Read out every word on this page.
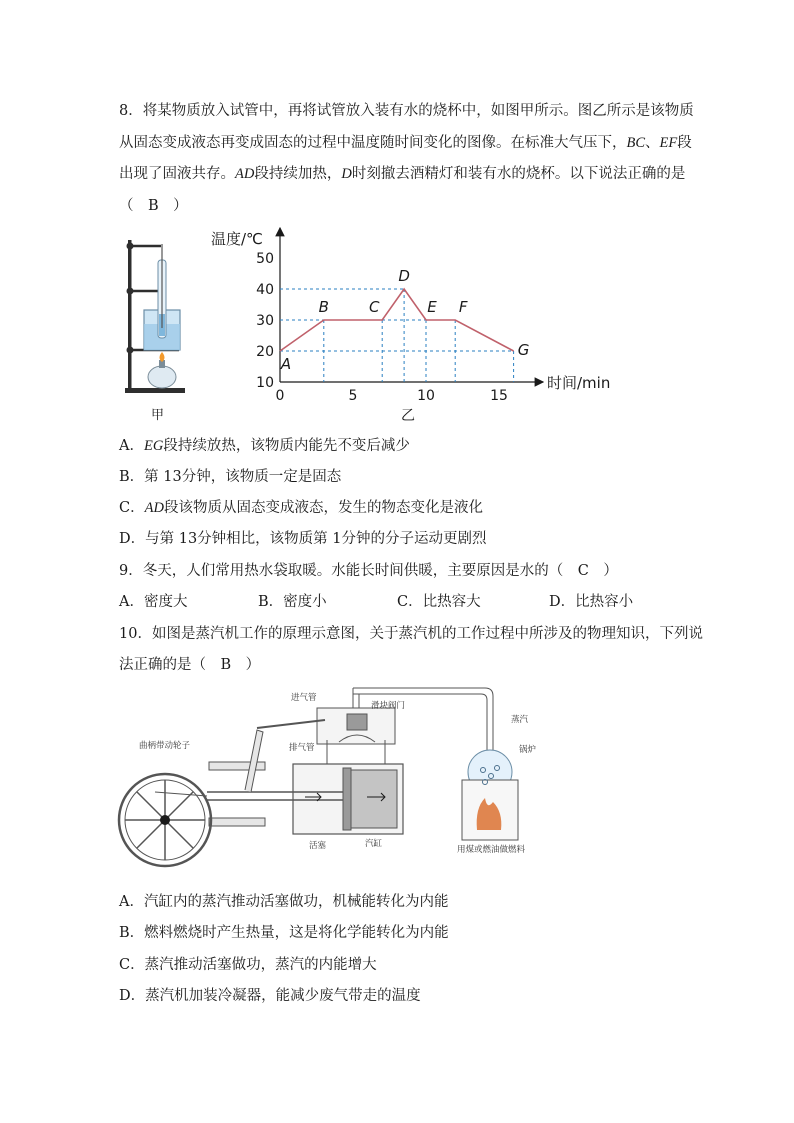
8．将某物质放入试管中，再将试管放入装有水的烧杯中，如图甲所示。图乙所示是该物质
从固态变成液态再变成固态的过程中温度随时间变化的图像。在标准大气压下，BC、EF段
出现了固液共存。AD段持续加热，D时刻撤去酒精灯和装有水的烧杯。以下说法正确的是
（　B　）
甲
温度/℃
时间/min
乙
10
20
30
40
50
0	5	10	15
A
B	C
D
E F
G
A．EG段持续放热，该物质内能先不变后减少
B．第 13分钟，该物质一定是固态
C．AD段该物质从固态变成液态，发生的物态变化是液化
D．与第 13分钟相比，该物质第 1分钟的分子运动更剧烈
9．冬天，人们常用热水袋取暖。水能长时间供暖，主要原因是水的（　C　）
A．密度大	B．密度小	C．比热容大	D．比热容小
10．如图是蒸汽机工作的原理示意图，关于蒸汽机的工作过程中所涉及的物理知识，下列说
法正确的是（　B　）
进气管
滑块阀门
蒸汽
锅炉
曲柄带动轮子	排气管
活塞	汽缸
用煤或燃油做燃料
A．汽缸内的蒸汽推动活塞做功，机械能转化为内能
B．燃料燃烧时产生热量，这是将化学能转化为内能
C．蒸汽推动活塞做功，蒸汽的内能增大
D．蒸汽机加装冷凝器，能减少废气带走的温度
